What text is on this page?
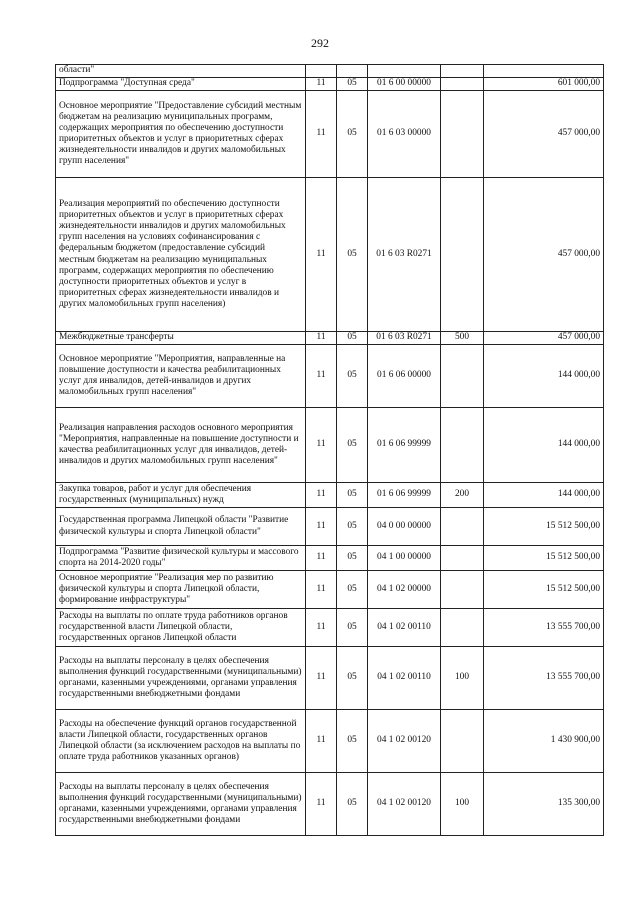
292
области"					
Подпрограмма "Доступная среда"	11	05	01 6 00 00000		601 000,00
Основное мероприятие "Предоставление субсидий местным бюджетам на реализацию муниципальных программ, содержащих мероприятия по обеспечению доступности приоритетных объектов и услуг в приоритетных сферах жизнедеятельности инвалидов и других маломобильных групп населения"	11	05	01 6 03 00000		457 000,00
Реализация мероприятий по обеспечению доступности приоритетных объектов и услуг в приоритетных сферах жизнедеятельности инвалидов и других маломобильных групп населения на условиях софинансирования с федеральным бюджетом (предоставление субсидий местным бюджетам на реализацию муниципальных программ, содержащих мероприятия по обеспечению доступности приоритетных объектов и услуг в приоритетных сферах жизнедеятельности инвалидов и других маломобильных групп населения)	11	05	01 6 03 R0271		457 000,00
Межбюджетные трансферты	11	05	01 6 03 R0271	500	457 000,00
Основное мероприятие "Мероприятия, направленные на повышение доступности и качества реабилитационных услуг для инвалидов, детей-инвалидов и других маломобильных групп населения"	11	05	01 6 06 00000		144 000,00
Реализация направления расходов основного мероприятия "Мероприятия, направленные на повышение доступности и качества реабилитационных услуг для инвалидов, детей-инвалидов и других маломобильных групп населения"	11	05	01 6 06 99999		144 000,00
Закупка товаров, работ и услуг для обеспечения государственных (муниципальных) нужд	11	05	01 6 06 99999	200	144 000,00
Государственная программа Липецкой области "Развитие физической культуры и спорта Липецкой области"	11	05	04 0 00 00000		15 512 500,00
Подпрограмма "Развитие физической культуры и массового спорта на 2014-2020 годы"	11	05	04 1 00 00000		15 512 500,00
Основное мероприятие "Реализация мер по развитию физической культуры и спорта Липецкой области, формирование инфраструктуры"	11	05	04 1 02 00000		15 512 500,00
Расходы на выплаты по оплате труда работников органов государственной власти Липецкой области, государственных органов Липецкой области	11	05	04 1 02 00110		13 555 700,00
Расходы на выплаты персоналу в целях обеспечения выполнения функций государственными (муниципальными) органами, казенными учреждениями, органами управления государственными внебюджетными фондами	11	05	04 1 02 00110	100	13 555 700,00
Расходы на обеспечение функций органов государственной власти Липецкой области, государственных органов Липецкой области (за исключением расходов на выплаты по оплате труда работников указанных органов)	11	05	04 1 02 00120		1 430 900,00
Расходы на выплаты персоналу в целях обеспечения выполнения функций государственными (муниципальными) органами, казенными учреждениями, органами управления государственными внебюджетными фондами	11	05	04 1 02 00120	100	135 300,00
